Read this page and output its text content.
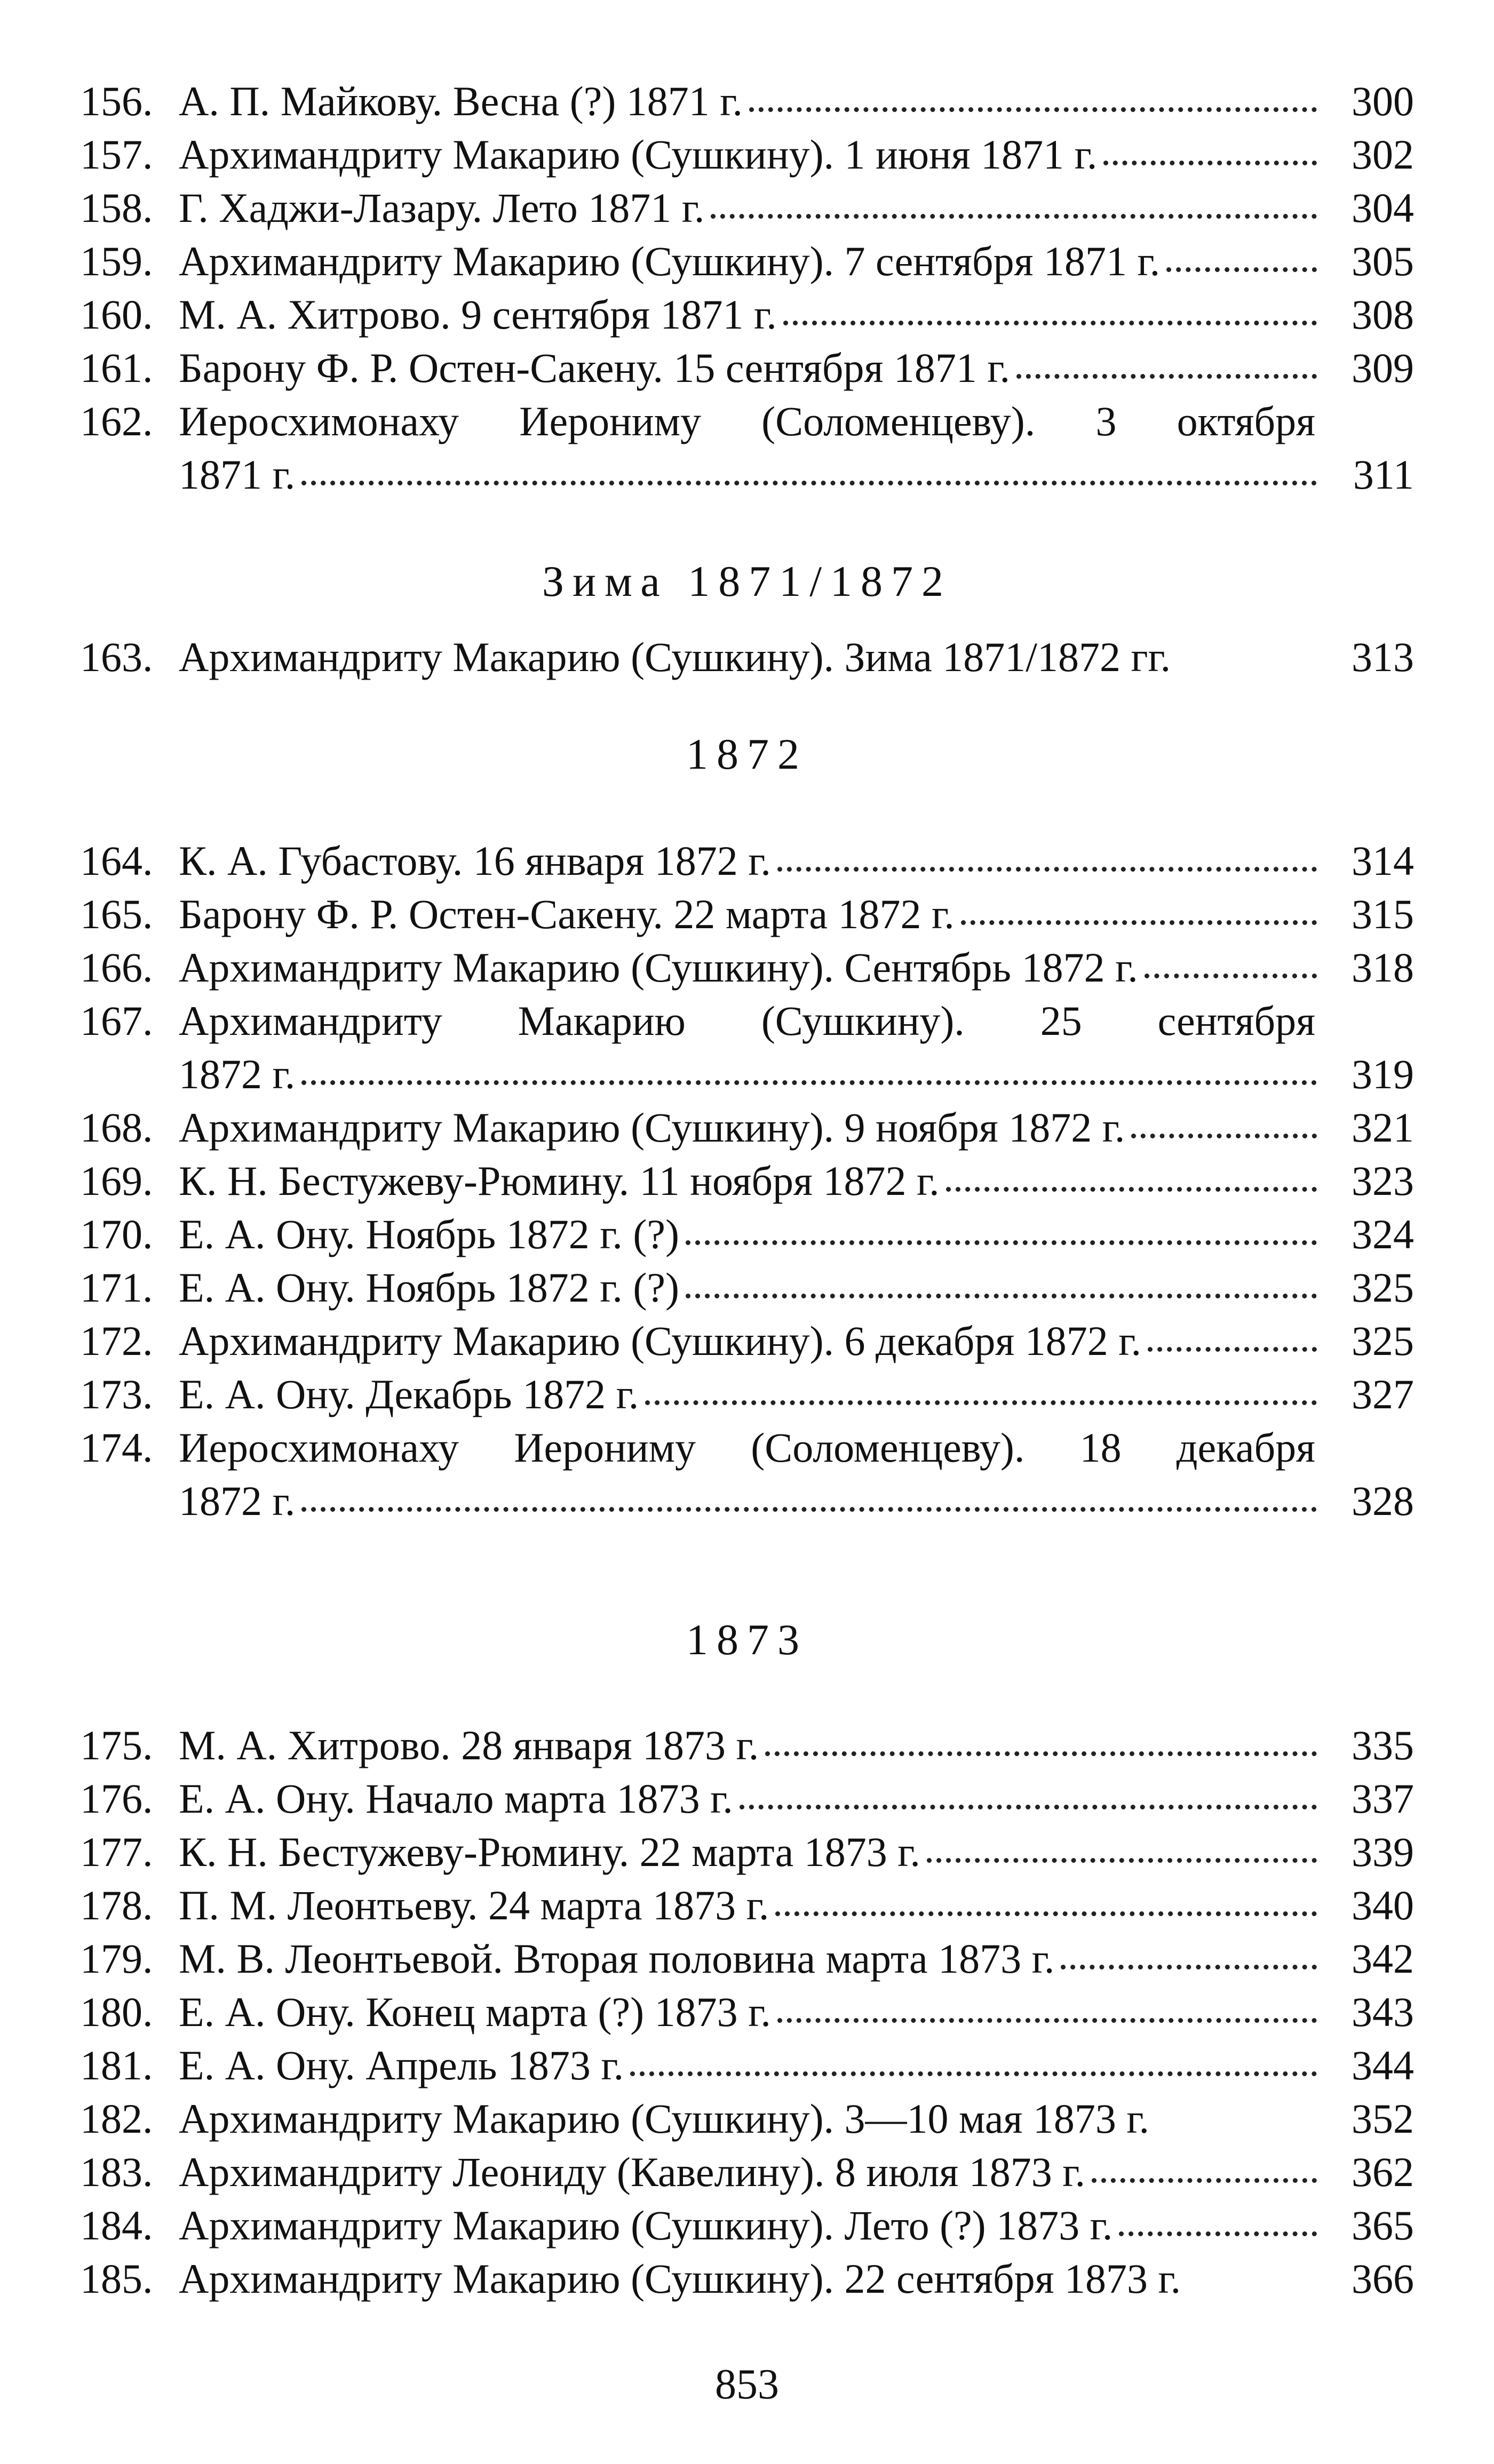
156. А. П. Майкову. Весна (?) 1871 г.	300
157. Архимандриту Макарию (Сушкину). 1 июня 1871 г.	302
158. Г. Хаджи-Лазару. Лето 1871 г.	304
159. Архимандриту Макарию (Сушкину). 7 сентября 1871 г.	305
160. М. А. Хитрово. 9 сентября 1871 г.	308
161. Барону Ф. Р. Остен-Сакену. 15 сентября 1871 г.	309
162. Иеросхимонаху Иерониму (Соломенцеву). 3 октября
1871 г.	311
Зима 1871/1872
163. Архимандриту Макарию (Сушкину). Зима 1871/1872 гг.	313
1872
164. К. А. Губастову. 16 января 1872 г.	314
165. Барону Ф. Р. Остен-Сакену. 22 марта 1872 г.	315
166. Архимандриту Макарию (Сушкину). Сентябрь 1872 г.	318
167. Архимандриту Макарию (Сушкину). 25 сентября
1872 г.	319
168. Архимандриту Макарию (Сушкину). 9 ноября 1872 г.	321
169. К. Н. Бестужеву-Рюмину. 11 ноября 1872 г.	323
170. Е. А. Ону. Ноябрь 1872 г. (?)	324
171. Е. А. Ону. Ноябрь 1872 г. (?)	325
172. Архимандриту Макарию (Сушкину). 6 декабря 1872 г.	325
173. Е. А. Ону. Декабрь 1872 г.	327
174. Иеросхимонаху Иерониму (Соломенцеву). 18 декабря
1872 г.	328
1873
175. М. А. Хитрово. 28 января 1873 г.	335
176. Е. А. Ону. Начало марта 1873 г.	337
177. К. Н. Бестужеву-Рюмину. 22 марта 1873 г.	339
178. П. М. Леонтьеву. 24 марта 1873 г.	340
179. М. В. Леонтьевой. Вторая половина марта 1873 г.	342
180. Е. А. Ону. Конец марта (?) 1873 г.	343
181. Е. А. Ону. Апрель 1873 г.	344
182. Архимандриту Макарию (Сушкину). 3—10 мая 1873 г.	352
183. Архимандриту Леониду (Кавелину). 8 июля 1873 г.	362
184. Архимандриту Макарию (Сушкину). Лето (?) 1873 г.	365
185. Архимандриту Макарию (Сушкину). 22 сентября 1873 г.	366
853
